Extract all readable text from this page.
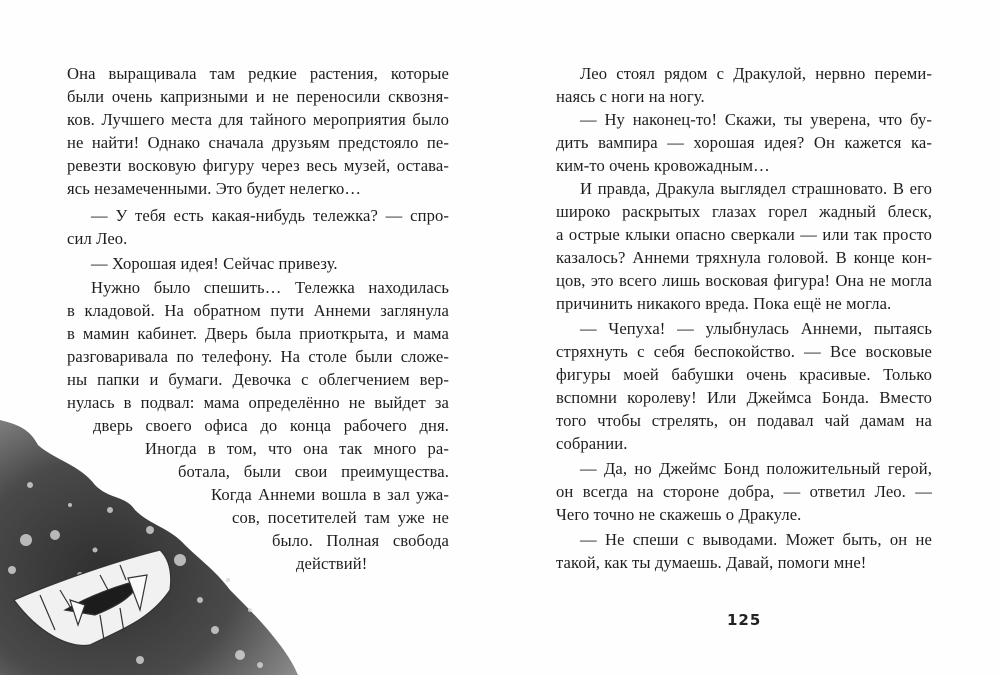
Она выращивала там редкие растения, которые
были очень капризными и не переносили сквозня-
ков. Лучшего места для тайного мероприятия было
не найти! Однако сначала друзьям предстояло пе-
ревезти восковую фигуру через весь музей, остава-
ясь незамеченными. Это будет нелегко…
— У тебя есть какая-нибудь тележка? — спро-
сил Лео.
— Хорошая идея! Сейчас привезу.
Нужно было спешить… Тележка находилась
в кладовой. На обратном пути Аннеми заглянула
в мамин кабинет. Дверь была приоткрыта, и мама
разговаривала по телефону. На столе были сложе-
ны папки и бумаги. Девочка с облегчением вер-
нулась в подвал: мама определённо не выйдет за
дверь своего офиса до конца рабочего дня.
Иногда в том, что она так много ра-
ботала, были свои преимущества.
Когда Аннеми вошла в зал ужа-
сов, посетителей там уже не
было. Полная свобода
действий!
Лео стоял рядом с Дракулой, нервно переми-
наясь с ноги на ногу.
— Ну наконец-то! Скажи, ты уверена, что бу-
дить вампира — хорошая идея? Он кажется ка-
ким-то очень кровожадным…
И правда, Дракула выглядел страшновато. В его
широко раскрытых глазах горел жадный блеск,
а острые клыки опасно сверкали — или так просто
казалось? Аннеми тряхнула головой. В конце кон-
цов, это всего лишь восковая фигура! Она не могла
причинить никакого вреда. Пока ещё не могла.
— Чепуха! — улыбнулась Аннеми, пытаясь
стряхнуть с себя беспокойство. — Все восковые
фигуры моей бабушки очень красивые. Только
вспомни королеву! Или Джеймса Бонда. Вместо
того чтобы стрелять, он подавал чай дамам на
собрании.
— Да, но Джеймс Бонд положительный герой,
он всегда на стороне добра, — ответил Лео. —
Чего точно не скажешь о Дракуле.
— Не спеши с выводами. Может быть, он не
такой, как ты думаешь. Давай, помоги мне!
125
